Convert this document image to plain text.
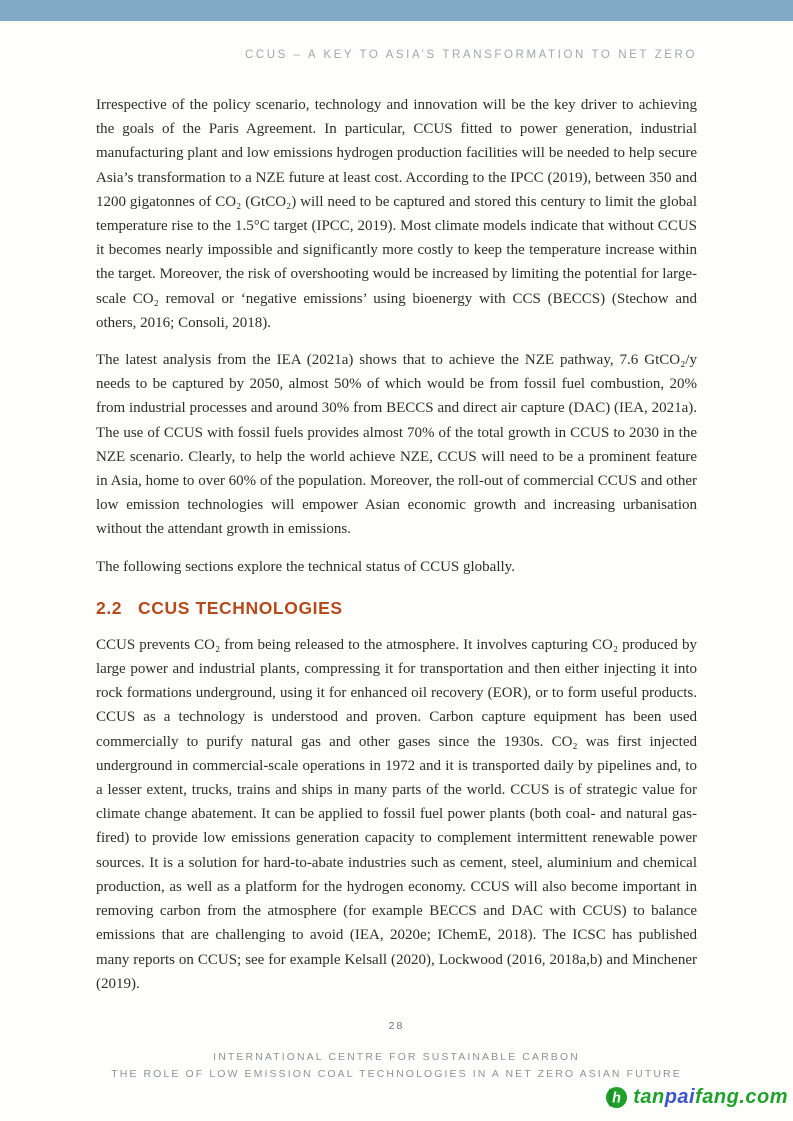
CCUS – A KEY TO ASIA’S TRANSFORMATION TO NET ZERO

Irrespective of the policy scenario, technology and innovation will be the key driver to achieving the goals of the Paris Agreement. In particular, CCUS fitted to power generation, industrial manufacturing plant and low emissions hydrogen production facilities will be needed to help secure Asia’s transformation to a NZE future at least cost. According to the IPCC (2019), between 350 and 1200 gigatonnes of CO₂ (GtCO₂) will need to be captured and stored this century to limit the global temperature rise to the 1.5°C target (IPCC, 2019). Most climate models indicate that without CCUS it becomes nearly impossible and significantly more costly to keep the temperature increase within the target. Moreover, the risk of overshooting would be increased by limiting the potential for large-scale CO₂ removal or ‘negative emissions’ using bioenergy with CCS (BECCS) (Stechow and others, 2016; Consoli, 2018).

The latest analysis from the IEA (2021a) shows that to achieve the NZE pathway, 7.6 GtCO₂/y needs to be captured by 2050, almost 50% of which would be from fossil fuel combustion, 20% from industrial processes and around 30% from BECCS and direct air capture (DAC) (IEA, 2021a). The use of CCUS with fossil fuels provides almost 70% of the total growth in CCUS to 2030 in the NZE scenario. Clearly, to help the world achieve NZE, CCUS will need to be a prominent feature in Asia, home to over 60% of the population. Moreover, the roll-out of commercial CCUS and other low emission technologies will empower Asian economic growth and increasing urbanisation without the attendant growth in emissions.

The following sections explore the technical status of CCUS globally.

2.2 CCUS TECHNOLOGIES

CCUS prevents CO₂ from being released to the atmosphere. It involves capturing CO₂ produced by large power and industrial plants, compressing it for transportation and then either injecting it into rock formations underground, using it for enhanced oil recovery (EOR), or to form useful products. CCUS as a technology is understood and proven. Carbon capture equipment has been used commercially to purify natural gas and other gases since the 1930s. CO₂ was first injected underground in commercial-scale operations in 1972 and it is transported daily by pipelines and, to a lesser extent, trucks, trains and ships in many parts of the world. CCUS is of strategic value for climate change abatement. It can be applied to fossil fuel power plants (both coal- and natural gas-fired) to provide low emissions generation capacity to complement intermittent renewable power sources. It is a solution for hard-to-abate industries such as cement, steel, aluminium and chemical production, as well as a platform for the hydrogen economy. CCUS will also become important in removing carbon from the atmosphere (for example BECCS and DAC with CCUS) to balance emissions that are challenging to avoid (IEA, 2020e; IChemE, 2018). The ICSC has published many reports on CCUS; see for example Kelsall (2020), Lockwood (2016, 2018a,b) and Minchener (2019).

28
INTERNATIONAL CENTRE FOR SUSTAINABLE CARBON
THE ROLE OF LOW EMISSION COAL TECHNOLOGIES IN A NET ZERO ASIAN FUTURE
h tanpaifang.com
